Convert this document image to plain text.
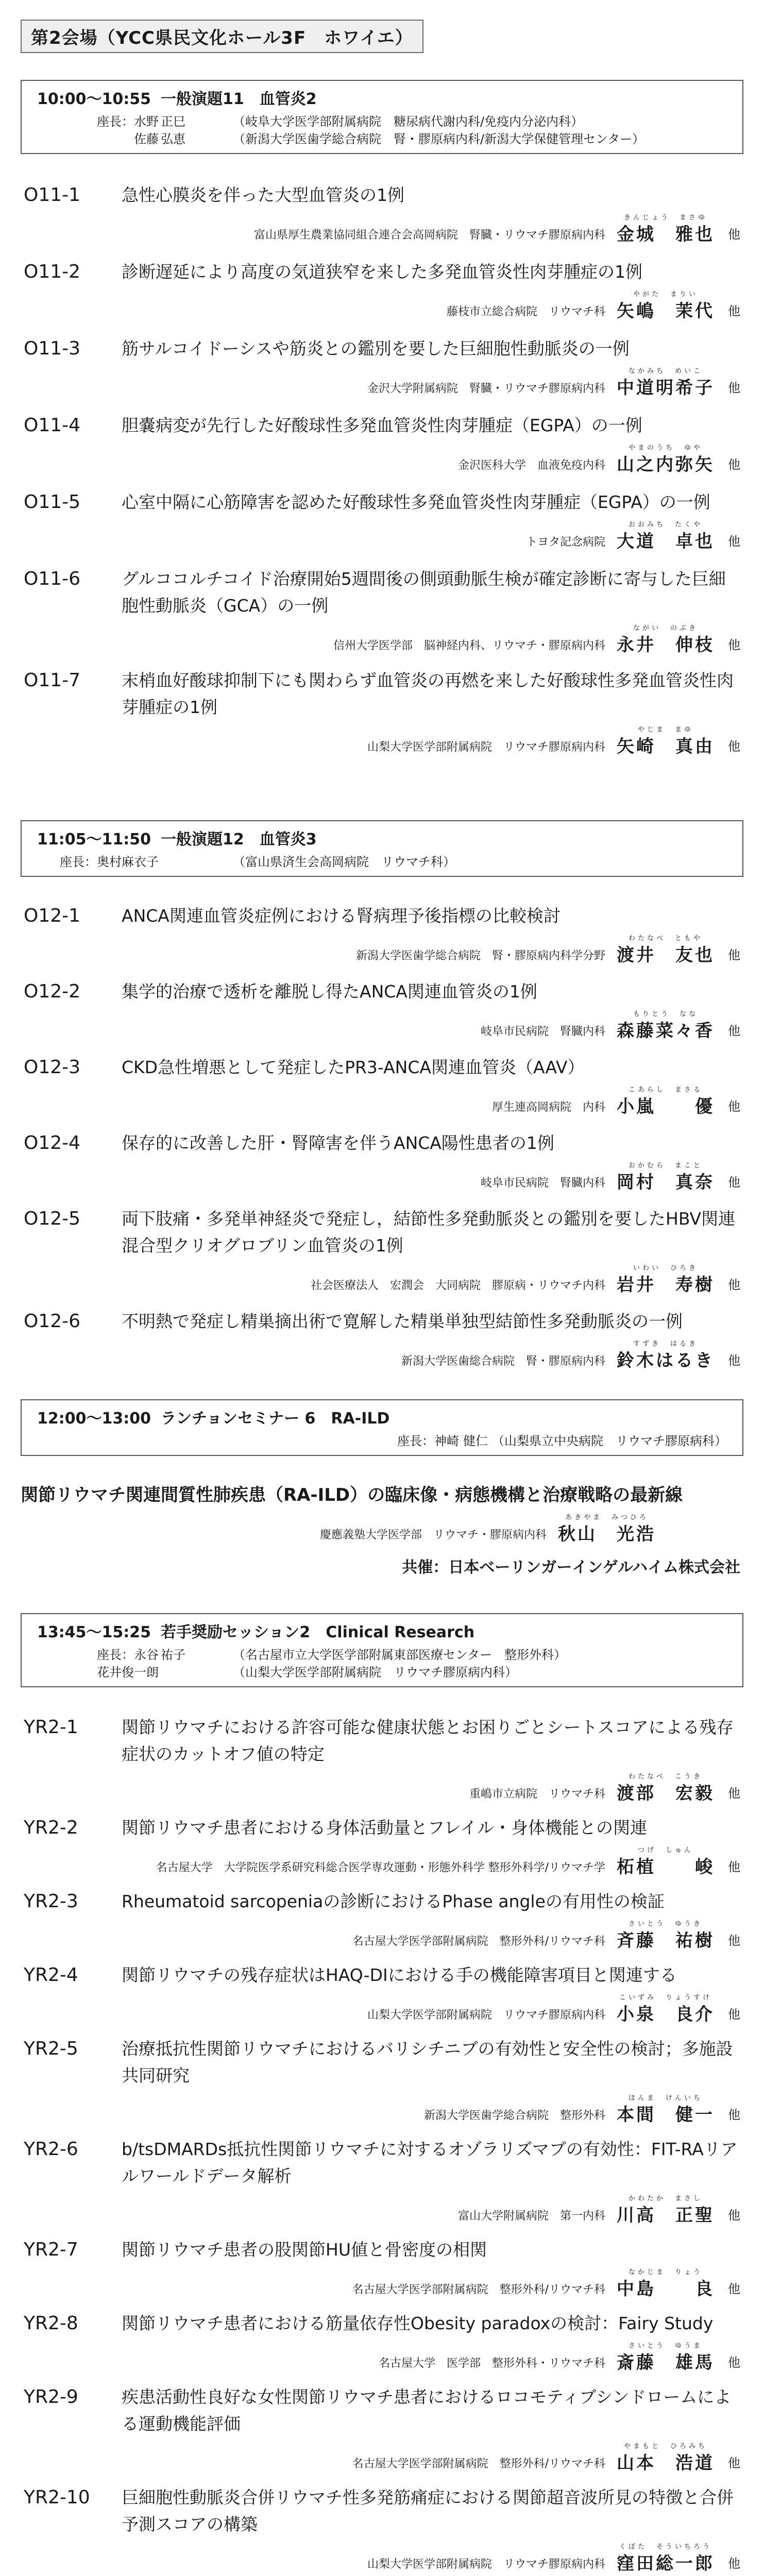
第2会場（YCC県民文化ホール3F　ホワイエ）
10:00～10:55 一般演題11　血管炎2
座長：水野 正巳	（岐阜大学医学部附属病院　糖尿病代謝内科/免疫内分泌内科）
佐藤 弘恵	（新潟大学医歯学総合病院　腎・膠原病内科/新潟大学保健管理センター）
O11-1	急性心膜炎を伴った大型血管炎の1例
富山県厚生農業協同組合連合会高岡病院　腎臓・リウマチ膠原病内科
きんじょう　まさゆ
金城　雅也 他
O11-2	診断遅延により高度の気道狭窄を来した多発血管炎性肉芽腫症の1例
藤枝市立総合病院　リウマチ科
やがた　まりい
矢嶋　茉代 他
O11-3	筋サルコイドーシスや筋炎との鑑別を要した巨細胞性動脈炎の一例
金沢大学附属病院　腎臓・リウマチ膠原病内科
なかみち　めいこ
中道明希子 他
O11-4	胆嚢病変が先行した好酸球性多発血管炎性肉芽腫症（EGPA）の一例
金沢医科大学　血液免疫内科
やまのうち　ゆや
山之内弥矢 他
O11-5	心室中隔に心筋障害を認めた好酸球性多発血管炎性肉芽腫症（EGPA）の一例
トヨタ記念病院
おおみち　たくや
大道　卓也 他
O11-6	グルココルチコイド治療開始5週間後の側頭動脈生検が確定診断に寄与した巨細胞性動脈炎（GCA）の一例
信州大学医学部　脳神経内科、リウマチ・膠原病内科
ながい　のぶき
永井　伸枝 他
O11-7	末梢血好酸球抑制下にも関わらず血管炎の再燃を来した好酸球性多発血管炎性肉芽腫症の1例
山梨大学医学部附属病院　リウマチ膠原病内科
やじま　まゆ
矢崎　真由 他
11:05～11:50 一般演題12　血管炎3
座長：奥村麻衣子	（富山県済生会高岡病院　リウマチ科）
O12-1	ANCA関連血管炎症例における腎病理予後指標の比較検討
新潟大学医歯学総合病院　腎・膠原病内科学分野
わたなべ　ともや
渡井　友也 他
O12-2	集学的治療で透析を離脱し得たANCA関連血管炎の1例
岐阜市民病院　腎臓内科
もりとう　なな
森藤菜々香 他
O12-3	CKD急性増悪として発症したPR3-ANCA関連血管炎（AAV）
厚生連高岡病院　内科
こあらし　まさる
小嵐　　優 他
O12-4	保存的に改善した肝・腎障害を伴うANCA陽性患者の1例
岐阜市民病院　腎臓内科
おかむら　まこと
岡村　真奈 他
O12-5	両下肢痛・多発単神経炎で発症し，結節性多発動脈炎との鑑別を要したHBV関連混合型クリオグロブリン血管炎の1例
社会医療法人　宏潤会　大同病院　膠原病・リウマチ内科
いわい　ひろき
岩井　寿樹 他
O12-6	不明熱で発症し精巣摘出術で寛解した精巣単独型結節性多発動脈炎の一例
新潟大学医歯総合病院　腎・膠原病内科
すずき　はるき
鈴木はるき 他
12:00～13:00 ランチョンセミナー 6　RA-ILD
座長：神崎 健仁 （山梨県立中央病院　リウマチ膠原病科）
関節リウマチ関連間質性肺疾患（RA-ILD）の臨床像・病態機構と治療戦略の最新線
慶應義塾大学医学部　リウマチ・膠原病内科
あきやま　みつひろ
秋山　光浩
共催：日本ベーリンガーインゲルハイム株式会社
13:45～15:25 若手奨励セッション2　Clinical Research
座長：永谷 祐子	（名古屋市立大学医学部附属東部医療センター　整形外科）
花井俊一朗	（山梨大学医学部附属病院　リウマチ膠原病内科）
YR2-1	関節リウマチにおける許容可能な健康状態とお困りごとシートスコアによる残存症状のカットオフ値の特定
重嶋市立病院　リウマチ科
わたなべ　こうき
渡部　宏毅 他
YR2-2	関節リウマチ患者における身体活動量とフレイル・身体機能との関連
名古屋大学　大学院医学系研究科総合医学専攻運動・形態外科学 整形外科学/リウマチ学
つげ　しゅん
柘植　　峻 他
YR2-3	Rheumatoid sarcopeniaの診断におけるPhase angleの有用性の検証
名古屋大学医学部附属病院　整形外科/リウマチ科
さいとう　ゆうき
斉藤　祐樹 他
YR2-4	関節リウマチの残存症状はHAQ-DIにおける手の機能障害項目と関連する
山梨大学医学部附属病院　リウマチ膠原病内科
こいずみ　りょうすけ
小泉　良介 他
YR2-5	治療抵抗性関節リウマチにおけるバリシチニブの有効性と安全性の検討；多施設共同研究
新潟大学医歯学総合病院　整形外科
ほんま　けんいち
本間　健一 他
YR2-6	b/tsDMARDs抵抗性関節リウマチに対するオゾラリズマブの有効性：FIT-RAリアルワールドデータ解析
富山大学附属病院　第一内科
かわたか　まさし
川高　正聖 他
YR2-7	関節リウマチ患者の股関節HU値と骨密度の相関
名古屋大学医学部附属病院　整形外科/リウマチ科
なかじま　りょう
中島　　良 他
YR2-8	関節リウマチ患者における筋量依存性Obesity paradoxの検討：Fairy Study
名古屋大学　医学部　整形外科・リウマチ科
さいとう　ゆうま
斎藤　雄馬 他
YR2-9	疾患活動性良好な女性関節リウマチ患者におけるロコモティブシンドロームによる運動機能評価
名古屋大学医学部附属病院　整形外科/リウマチ科
やまもと　ひろみち
山本　浩道 他
YR2-10	巨細胞性動脈炎合併リウマチ性多発筋痛症における関節超音波所見の特徴と合併予測スコアの構築
山梨大学医学部附属病院　リウマチ膠原病内科
くぼた　そういちろう
窪田総一郎 他
